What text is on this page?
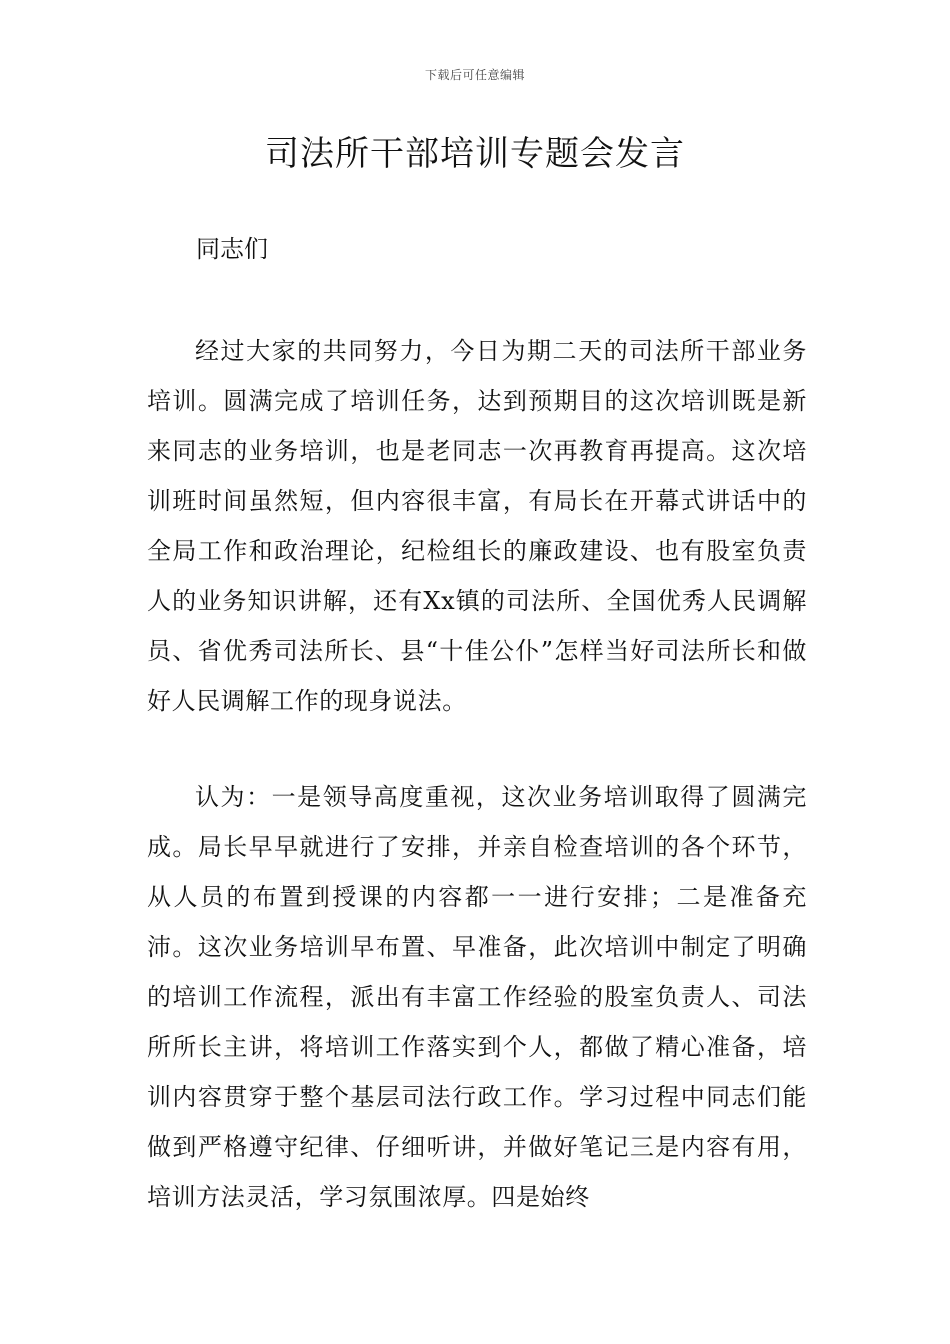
下载后可任意编辑
司法所干部培训专题会发言
同志们

经过大家的共同努力，今日为期二天的司法所干部业务培训。圆满完成了培训任务，达到预期目的这次培训既是新来同志的业务培训，也是老同志一次再教育再提高。这次培训班时间虽然短，但内容很丰富，有局长在开幕式讲话中的全局工作和政治理论，纪检组长的廉政建设、也有股室负责人的业务知识讲解，还有Xx镇的司法所、全国优秀人民调解员、省优秀司法所长、县“十佳公仆”怎样当好司法所长和做好人民调解工作的现身说法。

认为：一是领导高度重视，这次业务培训取得了圆满完成。局长早早就进行了安排，并亲自检查培训的各个环节，从人员的布置到授课的内容都一一进行安排；二是准备充沛。这次业务培训早布置、早准备，此次培训中制定了明确的培训工作流程，派出有丰富工作经验的股室负责人、司法所所长主讲，将培训工作落实到个人，都做了精心准备，培训内容贯穿于整个基层司法行政工作。学习过程中同志们能做到严格遵守纪律、仔细听讲，并做好笔记三是内容有用，培训方法灵活，学习氛围浓厚。四是始终
